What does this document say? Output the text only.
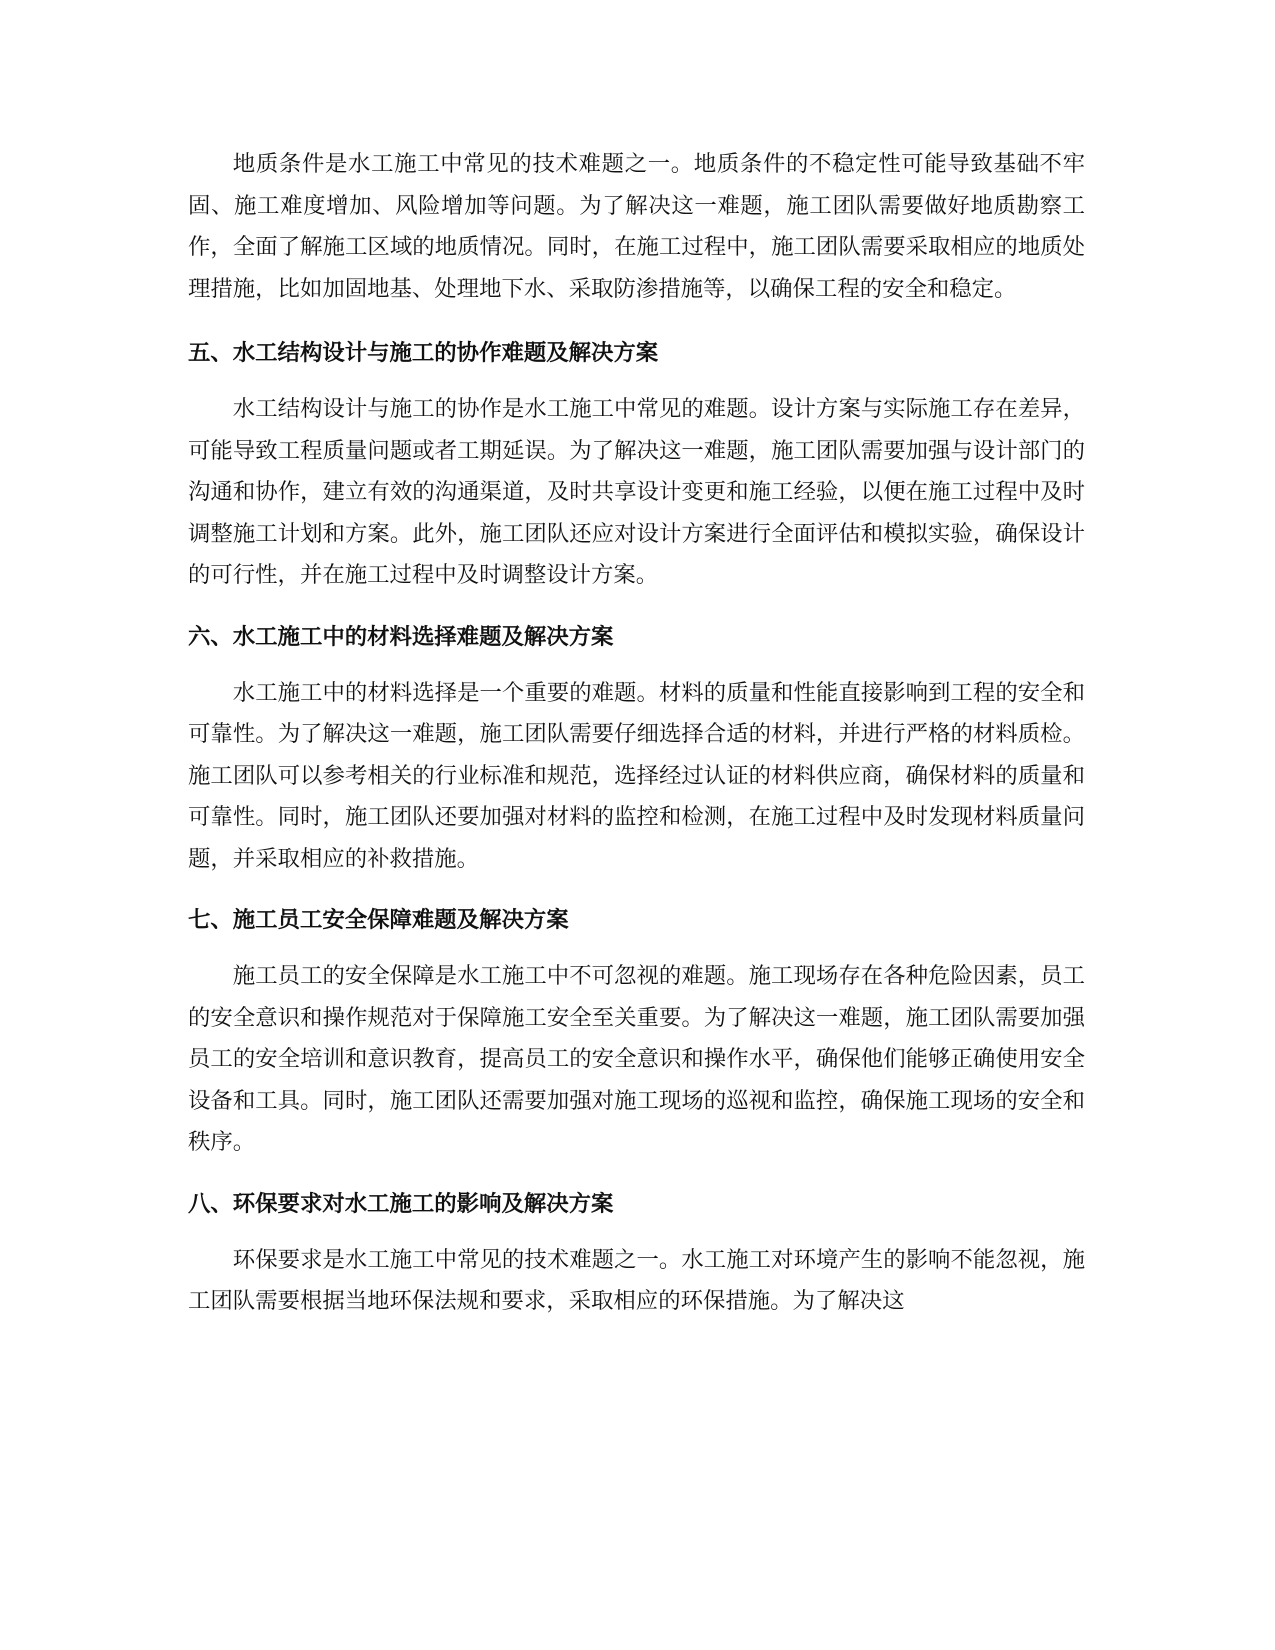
地质条件是水工施工中常见的技术难题之一。地质条件的不稳定性可能导致基础不牢固、施工难度增加、风险增加等问题。为了解决这一难题，施工团队需要做好地质勘察工作，全面了解施工区域的地质情况。同时，在施工过程中，施工团队需要采取相应的地质处理措施，比如加固地基、处理地下水、采取防渗措施等，以确保工程的安全和稳定。

五、水工结构设计与施工的协作难题及解决方案

水工结构设计与施工的协作是水工施工中常见的难题。设计方案与实际施工存在差异，可能导致工程质量问题或者工期延误。为了解决这一难题，施工团队需要加强与设计部门的沟通和协作，建立有效的沟通渠道，及时共享设计变更和施工经验，以便在施工过程中及时调整施工计划和方案。此外，施工团队还应对设计方案进行全面评估和模拟实验，确保设计的可行性，并在施工过程中及时调整设计方案。

六、水工施工中的材料选择难题及解决方案

水工施工中的材料选择是一个重要的难题。材料的质量和性能直接影响到工程的安全和可靠性。为了解决这一难题，施工团队需要仔细选择合适的材料，并进行严格的材料质检。施工团队可以参考相关的行业标准和规范，选择经过认证的材料供应商，确保材料的质量和可靠性。同时，施工团队还要加强对材料的监控和检测，在施工过程中及时发现材料质量问题，并采取相应的补救措施。

七、施工员工安全保障难题及解决方案

施工员工的安全保障是水工施工中不可忽视的难题。施工现场存在各种危险因素，员工的安全意识和操作规范对于保障施工安全至关重要。为了解决这一难题，施工团队需要加强员工的安全培训和意识教育，提高员工的安全意识和操作水平，确保他们能够正确使用安全设备和工具。同时，施工团队还需要加强对施工现场的巡视和监控，确保施工现场的安全和秩序。

八、环保要求对水工施工的影响及解决方案

环保要求是水工施工中常见的技术难题之一。水工施工对环境产生的影响不能忽视，施工团队需要根据当地环保法规和要求，采取相应的环保措施。为了解决这
